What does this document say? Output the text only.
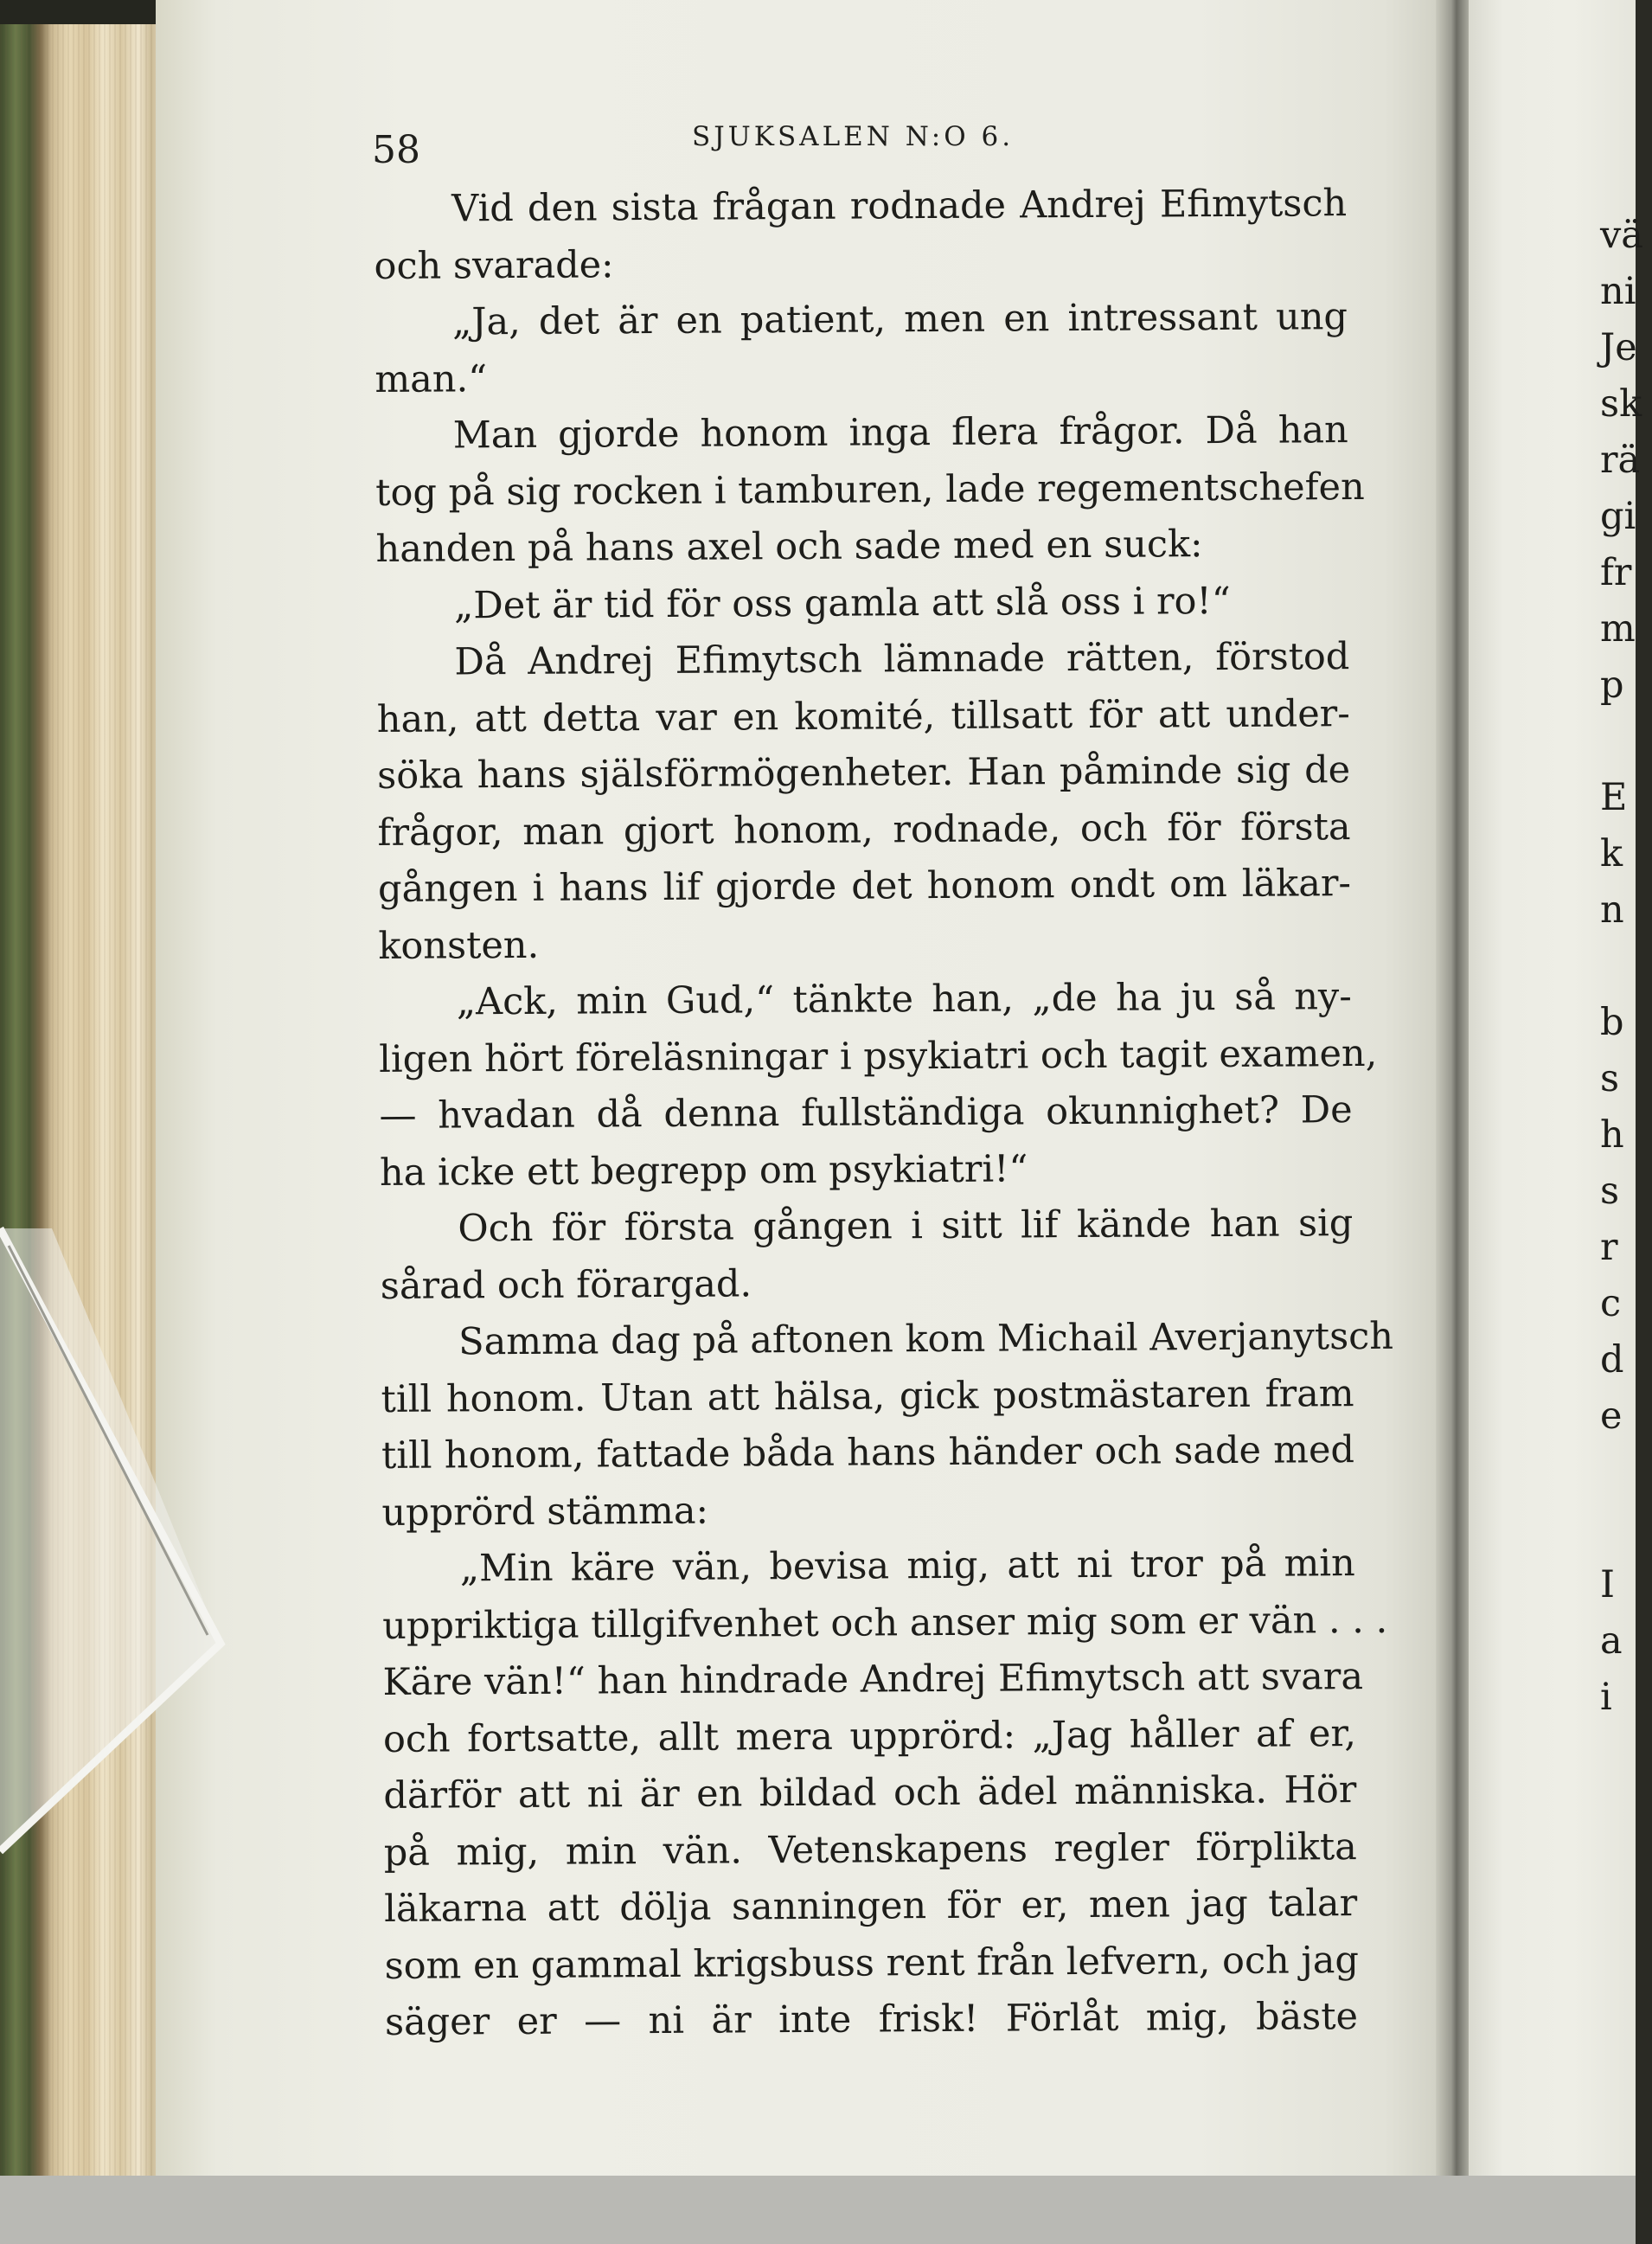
58	SJUKSALEN N:O 6.
Vid den sista frågan rodnade Andrej Efimytsch
och svarade:
„Ja, det är en patient, men en intressant ung
man.“
Man gjorde honom inga flera frågor. Då han
tog på sig rocken i tamburen, lade regementschefen
handen på hans axel och sade med en suck:
„Det är tid för oss gamla att slå oss i ro!“
Då Andrej Efimytsch lämnade rätten, förstod
han, att detta var en komité, tillsatt för att under-
söka hans själsförmögenheter. Han påminde sig de
frågor, man gjort honom, rodnade, och för första
gången i hans lif gjorde det honom ondt om läkar-
konsten.
„Ack, min Gud,“ tänkte han, „de ha ju så ny-
ligen hört föreläsningar i psykiatri och tagit examen,
— hvadan då denna fullständiga okunnighet? De
ha icke ett begrepp om psykiatri!“
Och för första gången i sitt lif kände han sig
sårad och förargad.
Samma dag på aftonen kom Michail Averjanytsch
till honom. Utan att hälsa, gick postmästaren fram
till honom, fattade båda hans händer och sade med
upprörd stämma:
„Min käre vän, bevisa mig, att ni tror på min
uppriktiga tillgifvenhet och anser mig som er vän . . .
Käre vän!“ han hindrade Andrej Efimytsch att svara
och fortsatte, allt mera upprörd: „Jag håller af er,
därför att ni är en bildad och ädel människa. Hör
på mig, min vän. Vetenskapens regler förplikta
läkarna att dölja sanningen för er, men jag talar
som en gammal krigsbuss rent från lefvern, och jag
säger er — ni är inte frisk! Förlåt mig, bäste
vä
ni
Je
sk
rä
gi
fr
m
p
E
k
n
b
s
h
s
r
c
d
e
I
a
i
